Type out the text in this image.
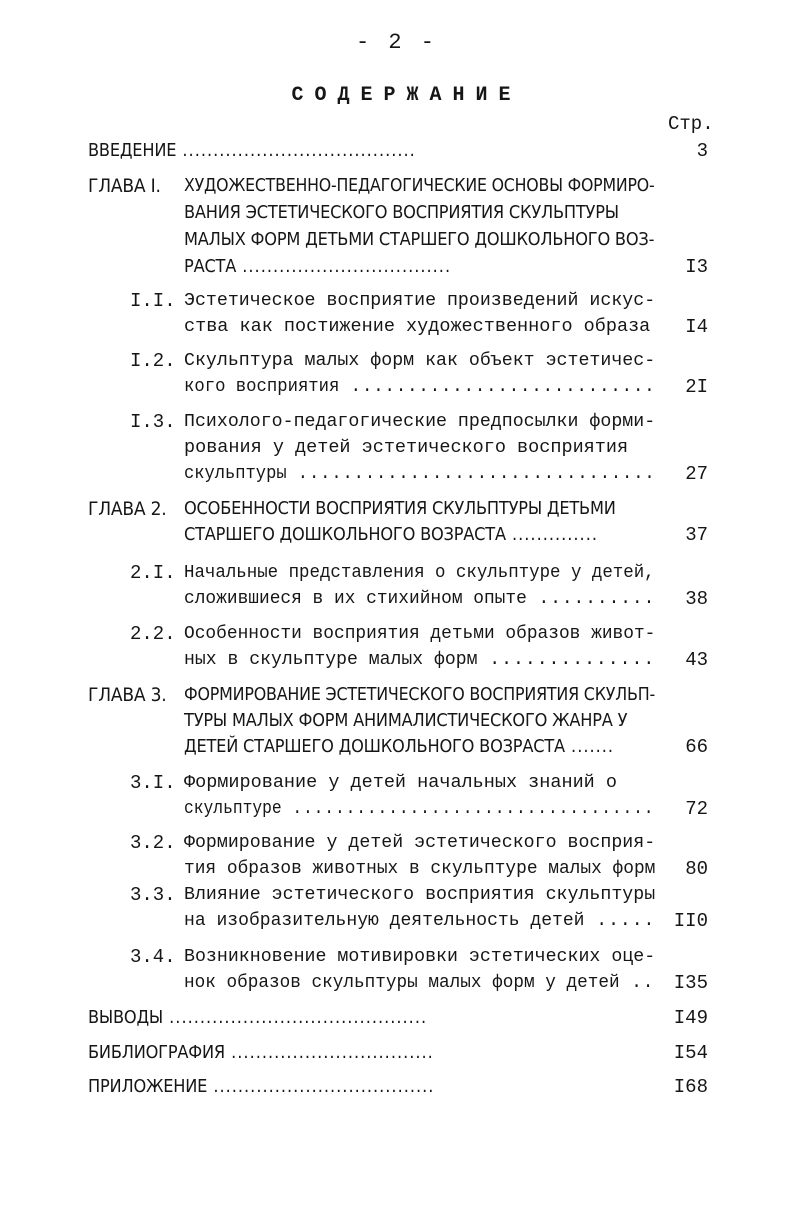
- 2 -
СОДЕРЖАНИЕ
Стр.
ВВЕДЕНИЕ ......................................	3
ГЛАВА I. ХУДОЖЕСТВЕННО-ПЕДАГОГИЧЕСКИЕ ОСНОВЫ ФОРМИРО-
ВАНИЯ ЭСТЕТИЧЕСКОГО ВОСПРИЯТИЯ СКУЛЬПТУРЫ
МАЛЫХ ФОРМ ДЕТЬМИ СТАРШЕГО ДОШКОЛЬНОГО ВОЗ-
РАСТА ..................................	I3
I.I. Эстетическое восприятие произведений искус-
ства как постижение художественного образа	I4
I.2. Скульптура малых форм как объект эстетичес-
кого восприятия ...........................	2I
I.3. Психолого-педагогические предпосылки форми-
рования у детей эстетического восприятия
скульптуры ................................	27
ГЛАВА 2. ОСОБЕННОСТИ ВОСПРИЯТИЯ СКУЛЬПТУРЫ ДЕТЬМИ
СТАРШЕГО ДОШКОЛЬНОГО ВОЗРАСТА ..............	37
2.I. Начальные представления о скульптуре у детей,
сложившиеся в их стихийном опыте ..........	38
2.2. Особенности восприятия детьми образов живот-
ных в скульптуре малых форм ..............	43
ГЛАВА 3. ФОРМИРОВАНИЕ ЭСТЕТИЧЕСКОГО ВОСПРИЯТИЯ СКУЛЬП-
ТУРЫ МАЛЫХ ФОРМ АНИМАЛИСТИЧЕСКОГО ЖАНРА У
ДЕТЕЙ СТАРШЕГО ДОШКОЛЬНОГО ВОЗРАСТА .......	66
3.I. Формирование у детей начальных знаний о
скульптуре ..................................	72
3.2. Формирование у детей эстетического восприя-
тия образов животных в скульптуре малых форм	80
3.3. Влияние эстетического восприятия скульптуры
на изобразительную деятельность детей ..... II0
3.4. Возникновение мотивировки эстетических оце-
нок образов скульптуры малых форм у детей ..	I35
ВЫВОДЫ ..........................................	I49
БИБЛИОГРАФИЯ .................................	I54
ПРИЛОЖЕНИЕ ....................................	I68
